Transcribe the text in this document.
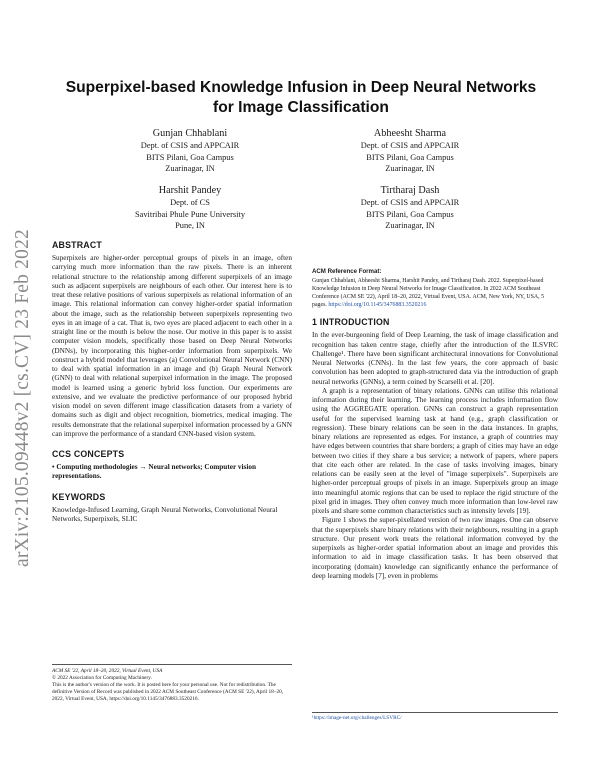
arXiv:2105.09448v2 [cs.CV] 23 Feb 2022
Superpixel-based Knowledge Infusion in Deep Neural Networks
for Image Classification
Gunjan Chhablani
Dept. of CSIS and APPCAIR
BITS Pilani, Goa Campus
Zuarinagar, IN
Abheesht Sharma
Dept. of CSIS and APPCAIR
BITS Pilani, Goa Campus
Zuarinagar, IN
Harshit Pandey
Dept. of CS
Savitribai Phule Pune University
Pune, IN
Tirtharaj Dash
Dept. of CSIS and APPCAIR
BITS Pilani, Goa Campus
Zuarinagar, IN
ABSTRACT

Superpixels are higher-order perceptual groups of pixels in an image, often carrying much more information than the raw pixels. There is an inherent relational structure to the relationship among different superpixels of an image such as adjacent superpixels are neighbours of each other. Our interest here is to treat these relative positions of various superpixels as relational information of an image. This relational information can convey higher-order spatial information about the image, such as the relationship between superpixels representing two eyes in an image of a cat. That is, two eyes are placed adjacent to each other in a straight line or the mouth is below the nose. Our motive in this paper is to assist computer vision models, specifically those based on Deep Neural Networks (DNNs), by incorporating this higher-order information from superpixels. We construct a hybrid model that leverages (a) Convolutional Neural Network (CNN) to deal with spatial information in an image and (b) Graph Neural Network (GNN) to deal with relational superpixel information in the image. The proposed model is learned using a generic hybrid loss function. Our experiments are extensive, and we evaluate the predictive performance of our proposed hybrid vision model on seven different image classification datasets from a variety of domains such as digit and object recognition, biometrics, medical imaging. The results demonstrate that the relational superpixel information processed by a GNN can improve the performance of a standard CNN-based vision system.

CCS CONCEPTS
• Computing methodologies → Neural networks; Computer vision representations.
KEYWORDS

Knowledge-Infused Learning, Graph Neural Networks, Convolutional Neural Networks, Superpixels, SLIC

ACM SE '22, April 18–20, 2022, Virtual Event, USA
© 2022 Association for Computing Machinery.
This is the author's version of the work. It is posted here for your personal use. Not for redistribution. The definitive Version of Record was published in 2022 ACM Southeast Conference (ACM SE '22), April 18–20, 2022, Virtual Event, USA, https://doi.org/10.1145/3476883.3520216.
ACM Reference Format:
Gunjan Chhablani, Abheesht Sharma, Harshit Pandey, and Tirtharaj Dash. 2022. Superpixel-based Knowledge Infusion in Deep Neural Networks for Image Classification. In 2022 ACM Southeast Conference (ACM SE '22), April 18–20, 2022, Virtual Event, USA. ACM, New York, NY, USA, 5 pages. https://doi.org/10.1145/3476883.3520216
1 INTRODUCTION

In the ever-burgeoning field of Deep Learning, the task of image classification and recognition has taken centre stage, chiefly after the introduction of the ILSVRC Challenge¹. There have been significant architectural innovations for Convolutional Neural Networks (CNNs). In the last few years, the core approach of basic convolution has been adopted to graph-structured data via the introduction of graph neural networks (GNNs), a term coined by Scarselli et al. [20].

A graph is a representation of binary relations. GNNs can utilise this relational information during their learning. The learning process includes information flow using the AGGREGATE operation. GNNs can construct a graph representation useful for the supervised learning task at hand (e.g., graph classification or regression). These binary relations can be seen in the data instances. In graphs, binary relations are represented as edges. For instance, a graph of countries may have edges between countries that share borders; a graph of cities may have an edge between two cities if they share a bus service; a network of papers, where papers that cite each other are related. In the case of tasks involving images, binary relations can be easily seen at the level of "image superpixels". Superpixels are higher-order perceptual groups of pixels in an image. Superpixels group an image into meaningful atomic regions that can be used to replace the rigid structure of the pixel grid in images. They often convey much more information than low-level raw pixels and share some common characteristics such as intensity levels [19].

Figure 1 shows the super-pixellated version of two raw images. One can observe that the superpixels share binary relations with their neighbours, resulting in a graph structure. Our present work treats the relational information conveyed by the superpixels as higher-order spatial information about an image and provides this information to aid in image classification tasks. It has been observed that incorporating (domain) knowledge can significantly enhance the performance of deep learning models [7], even in problems

¹https://image-net.org/challenges/LSVRC/
